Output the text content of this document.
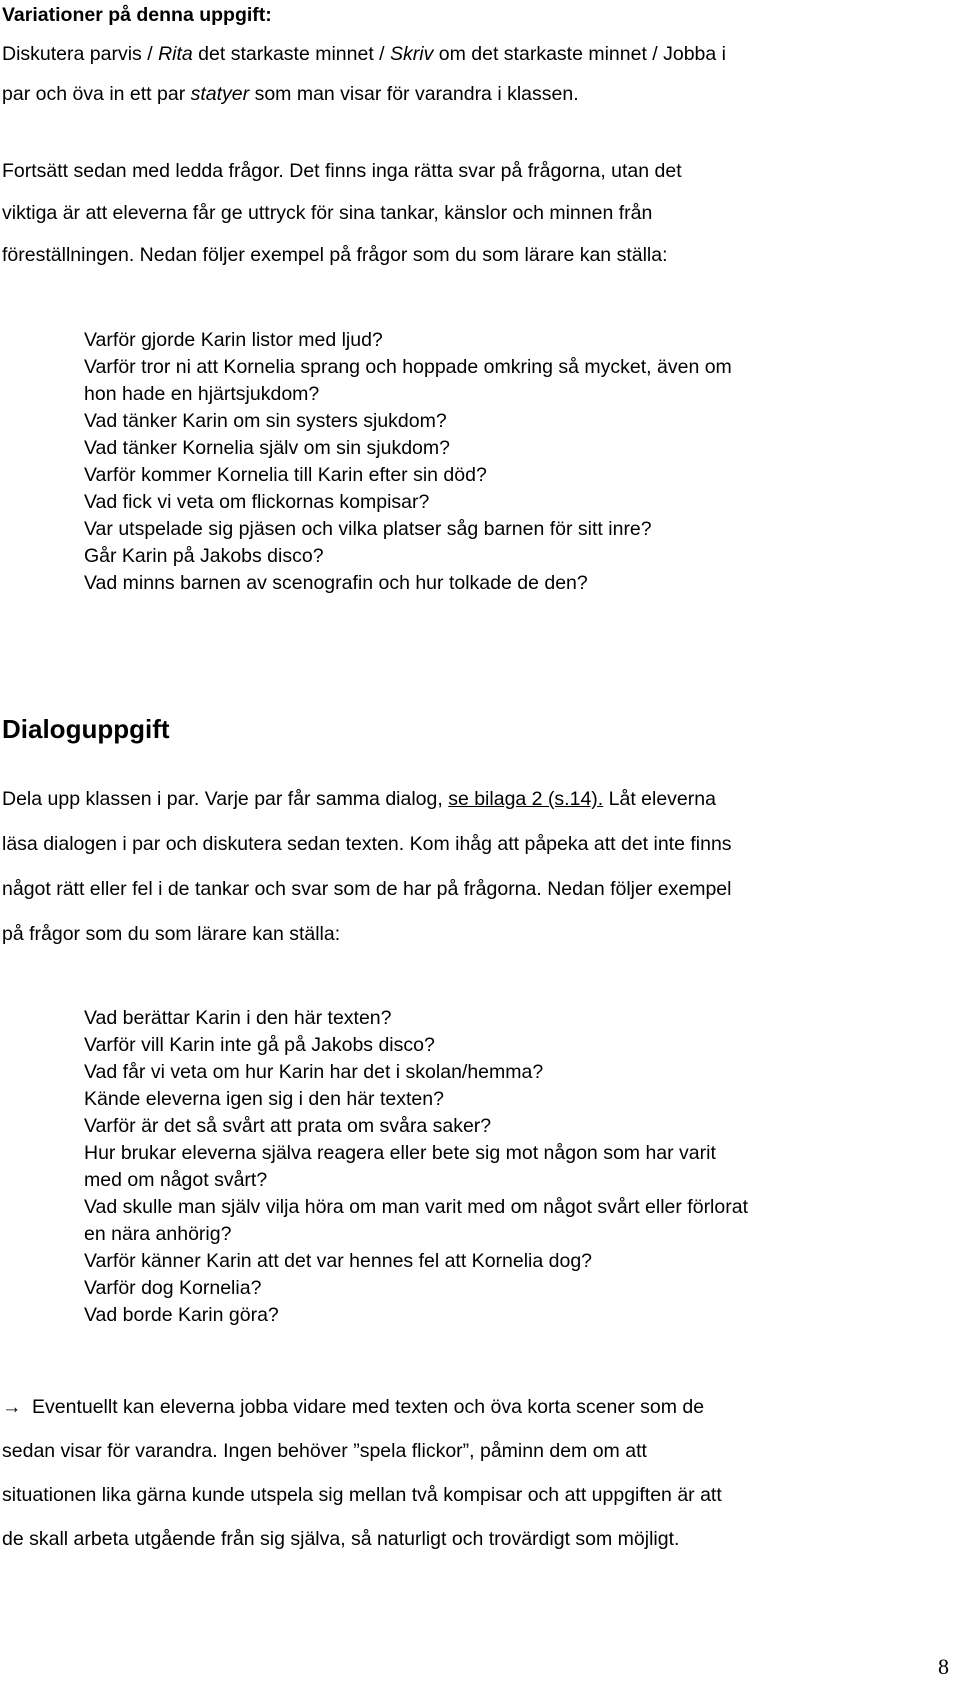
Variationer på denna uppgift:
Diskutera parvis / Rita det starkaste minnet / Skriv om det starkaste minnet / Jobba i
par och öva in ett par statyer som man visar för varandra i klassen.
Fortsätt sedan med ledda frågor. Det finns inga rätta svar på frågorna, utan det
viktiga är att eleverna får ge uttryck för sina tankar, känslor och minnen från
föreställningen. Nedan följer exempel på frågor som du som lärare kan ställa:
Varför gjorde Karin listor med ljud?
Varför tror ni att Kornelia sprang och hoppade omkring så mycket, även om
hon hade en hjärtsjukdom?
Vad tänker Karin om sin systers sjukdom?
Vad tänker Kornelia själv om sin sjukdom?
Varför kommer Kornelia till Karin efter sin död?
Vad fick vi veta om flickornas kompisar?
Var utspelade sig pjäsen och vilka platser såg barnen för sitt inre?
Går Karin på Jakobs disco?
Vad minns barnen av scenografin och hur tolkade de den?
Dialoguppgift
Dela upp klassen i par. Varje par får samma dialog, se bilaga 2 (s.14). Låt eleverna
läsa dialogen i par och diskutera sedan texten. Kom ihåg att påpeka att det inte finns
något rätt eller fel i de tankar och svar som de har på frågorna. Nedan följer exempel
på frågor som du som lärare kan ställa:
Vad berättar Karin i den här texten?
Varför vill Karin inte gå på Jakobs disco?
Vad får vi veta om hur Karin har det i skolan/hemma?
Kände eleverna igen sig i den här texten?
Varför är det så svårt att prata om svåra saker?
Hur brukar eleverna själva reagera eller bete sig mot någon som har varit
med om något svårt?
Vad skulle man själv vilja höra om man varit med om något svårt eller förlorat
en nära anhörig?
Varför känner Karin att det var hennes fel att Kornelia dog?
Varför dog Kornelia?
Vad borde Karin göra?
→ Eventuellt kan eleverna jobba vidare med texten och öva korta scener som de
sedan visar för varandra. Ingen behöver ”spela flickor”, påminn dem om att
situationen lika gärna kunde utspela sig mellan två kompisar och att uppgiften är att
de skall arbeta utgående från sig själva, så naturligt och trovärdigt som möjligt.
8
